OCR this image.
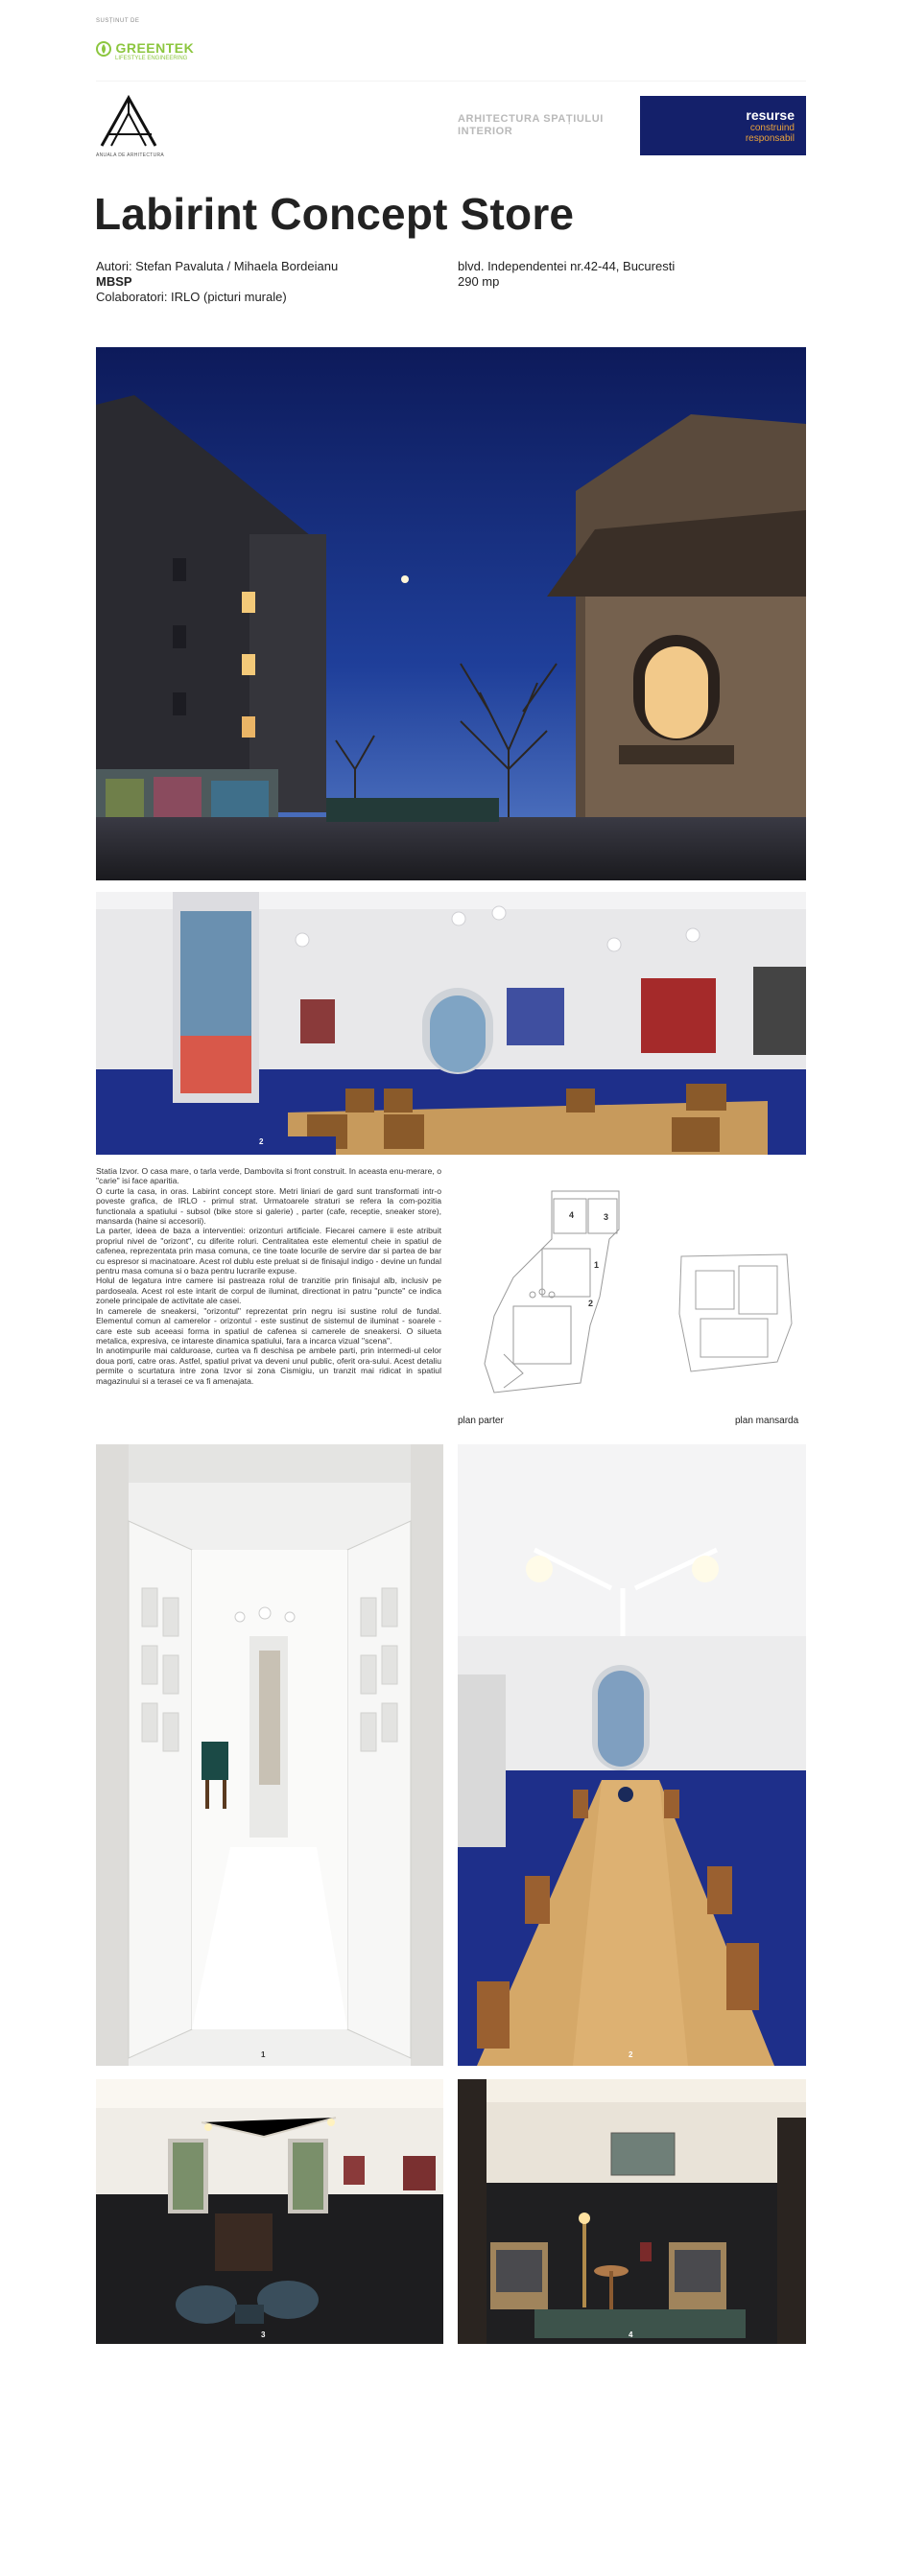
SUSȚINUT DE
GREENTEK
LIFESTYLE ENGINEERING
ANUALA DE ARHITECTURA
ARHITECTURA SPAȚIULUI
INTERIOR
resurse
construind
responsabil
Labirint Concept Store
Autori: Stefan Pavaluta / Mihaela Bordeianu
MBSP
Colaboratori: IRLO (picturi murale)
blvd. Independentei nr.42-44, Bucuresti
290 mp
2
Statia Izvor. O casa mare, o tarla verde, Dambovita si front construit. In aceasta enu-merare, o "carie" isi face aparitia.
O curte la casa, in oras. Labirint concept store. Metri liniari de gard sunt transformati intr-o poveste grafica, de IRLO - primul strat. Urmatoarele straturi se refera la com-pozitia functionala a spatiului - subsol (bike store si galerie) , parter (cafe, receptie, sneaker store), mansarda (haine si accesorii).
La parter, ideea de baza a interventiei: orizonturi artificiale. Fiecarei camere ii este atribuit propriul nivel de "orizont", cu diferite roluri. Centralitatea este elementul cheie in spatiul de cafenea, reprezentata prin masa comuna, ce tine toate locurile de servire dar si partea de bar cu espresor si macinatoare. Acest rol dublu este preluat si de finisajul indigo - devine un fundal pentru masa comuna si o baza pentru lucrarile expuse.
Holul de legatura intre camere isi pastreaza rolul de tranzitie prin finisajul alb, inclusiv pe pardoseala. Acest rol este intarit de corpul de iluminat, directionat in patru "puncte" ce indica zonele principale de activitate ale casei.
In camerele de sneakersi, "orizontul" reprezentat prin negru isi sustine rolul de fundal. Elementul comun al camerelor - orizontul - este sustinut de sistemul de iluminat - soarele - care este sub aceeasi forma in spatiul de cafenea si camerele de sneakersi. O silueta metalica, expresiva, ce intareste dinamica spatiului, fara a incarca vizual "scena".
In anotimpurile mai calduroase, curtea va fi deschisa pe ambele parti, prin intermedi-ul celor doua porti, catre oras. Astfel, spatiul privat va deveni unul public, oferit ora-sului. Acest detaliu permite o scurtatura intre zona Izvor si zona Cismigiu, un tranzit mai ridicat in spatiul magazinului si a terasei ce va fi amenajata.
4	3
1
2
plan parter	plan mansarda
1	2
3	4
